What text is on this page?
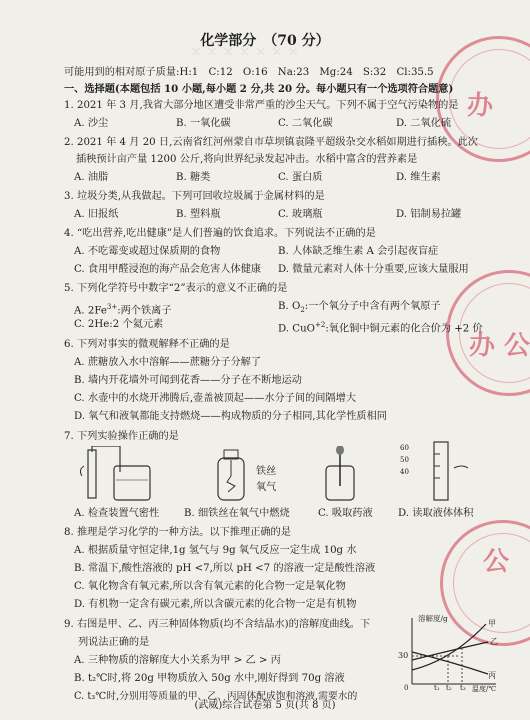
× × × × × × ×
办
办 公
公
化学部分　（70 分）
可能用到的相对原子质量:H:1　C:12　O:16　Na:23　Mg:24　S:32　Cl:35.5
一、选择题(本题包括 10 小题,每小题 2 分,共 20 分。每小题只有一个选项符合题意)
1. 2021 年 3 月,我省大部分地区遭受非常严重的沙尘天气。下列不属于空气污染物的是
A. 沙尘	B. 一氧化碳	C. 二氧化碳	D. 二氧化硫
2. 2021 年 4 月 20 日,云南省红河州蒙自市草坝镇袁隆平超级杂交水稻如期进行插秧。此次
插秧预计亩产量 1200 公斤,将向世界纪录发起冲击。水稻中富含的营养素是
A. 油脂	B. 糖类	C. 蛋白质	D. 维生素
3. 垃圾分类,从我做起。下列可回收垃圾属于金属材料的是
A. 旧报纸	B. 塑料瓶	C. 玻璃瓶	D. 铝制易拉罐
4. “吃出营养,吃出健康”是人们普遍的饮食追求。下列说法不正确的是
A. 不吃霉变或超过保质期的食物	B. 人体缺乏维生素 A 会引起夜盲症
C. 食用甲醛浸泡的海产品会危害人体健康 D. 微量元素对人体十分重要,应该大量服用
5. 下列化学符号中数字“2”表示的意义不正确的是
A. $2Fe^{3+}$:两个铁离子	B. $O_2$:一个氧分子中含有两个氧原子
C. 2He:2 个氦元素	D. CuO$^{+2}$:氧化铜中铜元素的化合价为 +2 价
6. 下列对事实的微观解释不正确的是
A. 蔗糖放入水中溶解——蔗糖分子分解了
B. 墙内开花墙外可闻到花香——分子在不断地运动
C. 水壶中的水烧开沸腾后,壶盖被顶起——水分子间的间隔增大
D. 氧气和液氧都能支持燃烧——构成物质的分子相同,其化学性质相同
7. 下列实验操作正确的是
铁丝
氧气
60
50
40
A. 检查装置气密性 B. 细铁丝在氧气中燃烧	C. 吸取药液 D. 读取液体体积
8. 推理是学习化学的一种方法。以下推理正确的是
A. 根据质量守恒定律,1g 氢气与 9g 氧气反应一定生成 10g 水
B. 常温下,酸性溶液的 pH <7,所以 pH <7 的溶液一定是酸性溶液
C. 氧化物含有氧元素,所以含有氧元素的化合物一定是氧化物
D. 有机物一定含有碳元素,所以含碳元素的化合物一定是有机物
9. 右图是甲、乙、丙三种固体物质(均不含结晶水)的溶解度曲线。下
列说法正确的是
A. 三种物质的溶解度大小关系为甲 > 乙 > 丙
B. t₂℃时,将 20g 甲物质放入 50g 水中,刚好得到 70g 溶液
C. t₃℃时,分别用等质量的甲、乙、丙固体配成饱和溶液,需要水的
溶解度/g
30
0	t₁ t₂ t₃ 温度/℃
甲
乙
丙
(武威)综合试卷第 5 页(共 8 页)
